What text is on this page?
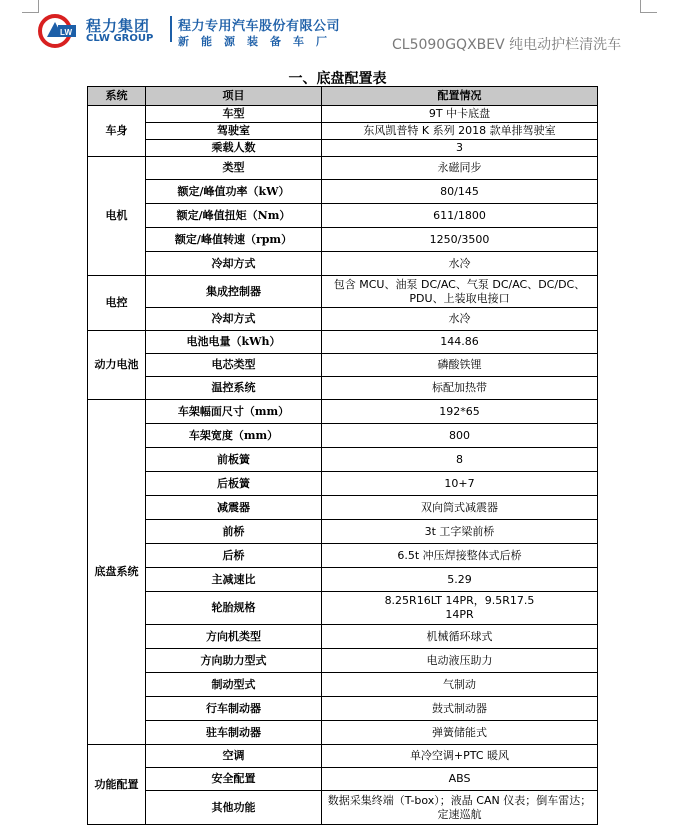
LW 程力集团
CLW GROUP
程力专用汽车股份有限公司
新能源装备车厂	CL5090GQXBEV 纯电动护栏清洗车
一、底盘配置表
系统	项目	配置情况
车身	车型	9T 中卡底盘
	驾驶室	东风凯普特 K 系列 2018 款单排驾驶室
	乘载人数	3
电机	类型	永磁同步
	额定/峰值功率（kW）	80/145
	额定/峰值扭矩（Nm）	611/1800
	额定/峰值转速（rpm）	1250/3500
	冷却方式	水冷
电控	集成控制器	包含 MCU、油泵 DC/AC、气泵 DC/AC、DC/DC、PDU、上装取电接口
	冷却方式	水冷
动力电池	电池电量（kWh）	144.86
	电芯类型	磷酸铁锂
	温控系统	标配加热带
底盘系统	车架幅面尺寸（mm）	192*65
	车架宽度（mm）	800
	前板簧	8
	后板簧	10+7
	减震器	双向筒式减震器
	前桥	3t 工字梁前桥
	后桥	6.5t 冲压焊接整体式后桥
	主减速比	5.29
	轮胎规格	8.25R16LT 14PR，9.5R17.5 14PR
	方向机类型	机械循环球式
	方向助力型式	电动液压助力
	制动型式	气制动
	行车制动器	鼓式制动器
	驻车制动器	弹簧储能式
功能配置	空调	单冷空调+PTC 暖风
	安全配置	ABS
	其他功能	数据采集终端（T-box）；液晶 CAN 仪表；倒车雷达；定速巡航
